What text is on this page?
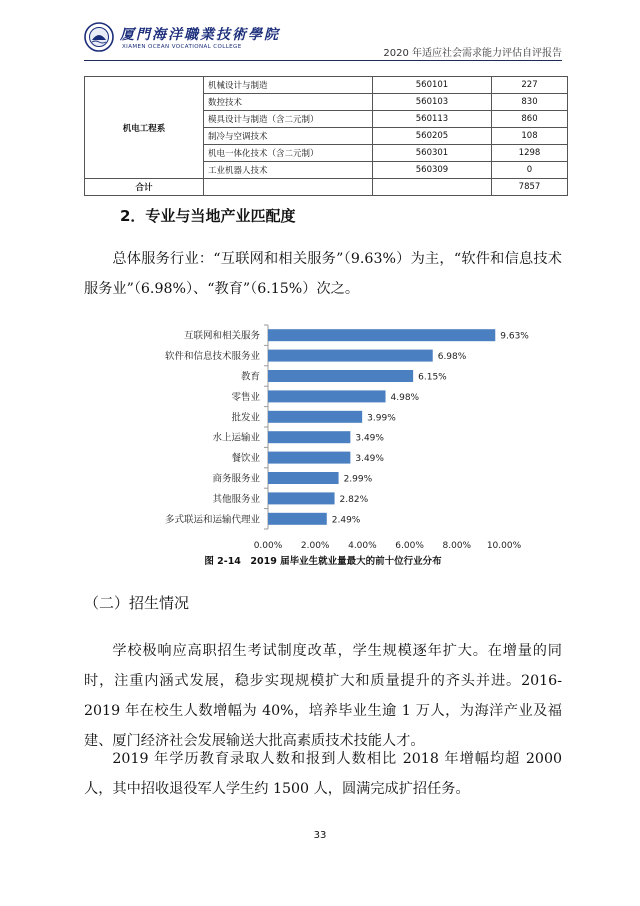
厦門海洋職業技術學院
XIAMEN OCEAN VOCATIONAL COLLEGE
2020 年适应社会需求能力评估自评报告
机电工程系	机械设计与制造	560101	227
	数控技术	560103	830
	模具设计与制造（含二元制）	560113	860
	制冷与空调技术	560205	108
	机电一体化技术（含二元制）	560301	1298
	工业机器人技术	560309	0
合计			7857
2．专业与当地产业匹配度
总体服务行业：“互联网和相关服务”（9.63%）为主，“软件和信息技术服务业”（6.98%）、“教育”（6.15%）次之。
互联网和相关服务	9.63%
软件和信息技术服务业	6.98%
教育	6.15%
零售业	4.98%
批发业	3.99%
水上运输业	3.49%
餐饮业	3.49%
商务服务业	2.99%
其他服务业	2.82%
多式联运和运输代理业	2.49%
0.00% 2.00% 4.00% 6.00% 8.00% 10.00%
图 2-14　2019 届毕业生就业量最大的前十位行业分布
（二）招生情况
学校极响应高职招生考试制度改革，学生规模逐年扩大。在增量的同时，注重内涵式发展，稳步实现规模扩大和质量提升的齐头并进。2016-2019 年在校生人数增幅为 40%，培养毕业生逾 1 万人，为海洋产业及福建、厦门经济社会发展输送大批高素质技术技能人才。
2019 年学历教育录取人数和报到人数相比 2018 年增幅均超 2000 人，其中招收退役军人学生约 1500 人，圆满完成扩招任务。
33
